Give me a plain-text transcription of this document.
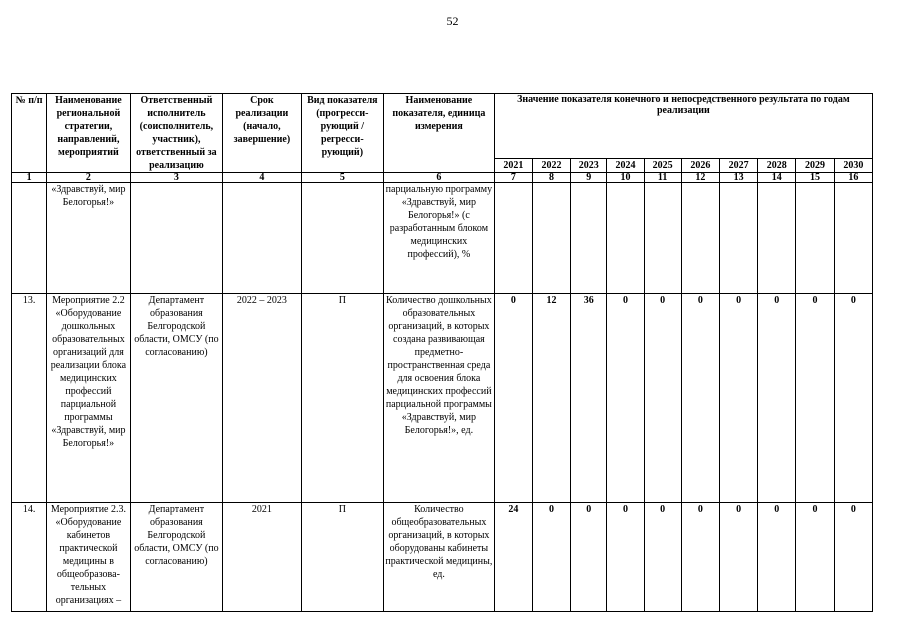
52
№ п/п	Наименование региональной стратегии, направлений, мероприятий	Ответственный исполнитель (соисполнитель, участник), ответственный за реализацию	Срок реализации (начало, завершение)	Вид показателя (прогресси-рующий / регресси-рующий)	Наименование показателя, единица измерения	Значение показателя конечного и непосредственного результата по годам реализации									
						2021	2022	2023	2024	2025	2026	2027	2028	2029	2030
1	2	3	4	5	6	7	8	9	10	11	12	13	14	15	16
	«Здравствуй, мир Белогорья!»				парциальную программу «Здравствуй, мир Белогорья!» (с разработанным блоком медицинских профессий), %										
13.	Мероприятие 2.2 «Оборудование дошкольных образовательных организаций для реализации блока медицинских профессий парциальной программы «Здравствуй, мир Белогорья!»	Департамент образования Белгородской области, ОМСУ (по согласованию)	2022 – 2023	П	Количество дошкольных образовательных организаций, в которых создана развивающая предметно-пространственная среда для освоения блока медицинских профессий парциальной программы «Здравствуй, мир Белогорья!», ед.	0	12	36	0	0	0	0	0	0	0
14.	Мероприятие 2.3. «Оборудование кабинетов практической медицины в общеобразова-тельных организациях –	Департамент образования Белгородской области, ОМСУ (по согласованию)	2021	П	Количество общеобразовательных организаций, в которых оборудованы кабинеты практической медицины, ед.	24	0	0	0	0	0	0	0	0	0
